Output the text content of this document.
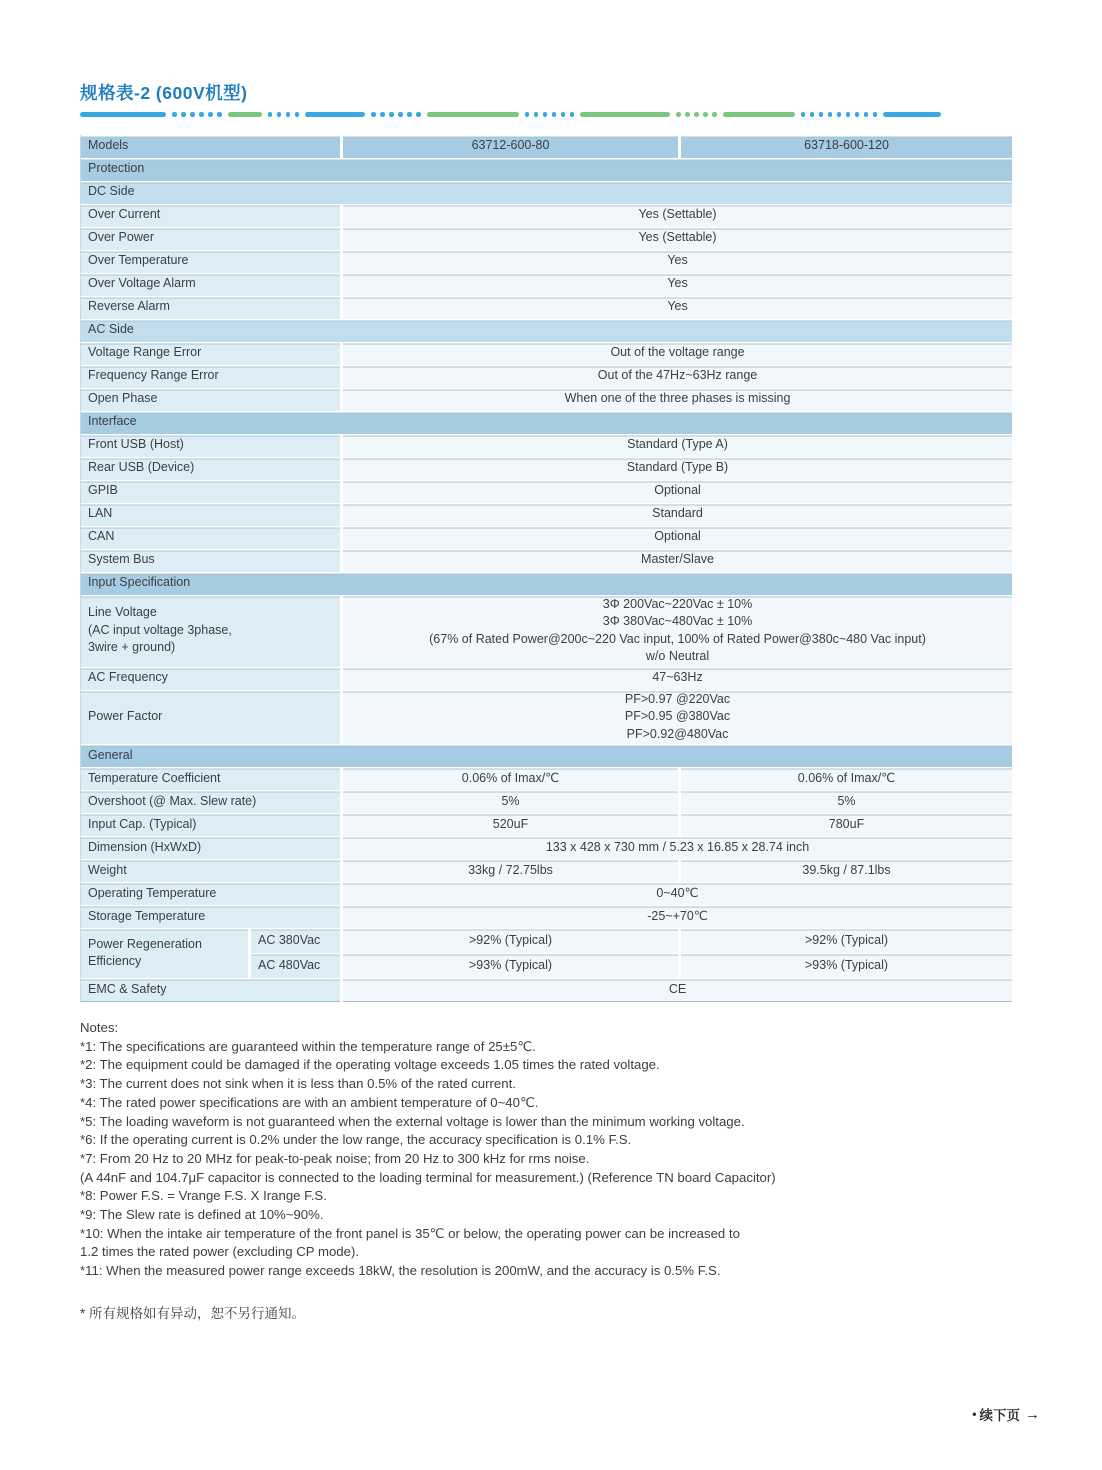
规格表-2 (600V机型)
Models		63712-600-80	63718-600-120
Protection			
DC Side			
Over Current		Yes (Settable)	
Over Power		Yes (Settable)	
Over Temperature		Yes	
Over Voltage Alarm		Yes	
Reverse Alarm		Yes	
AC Side			
Voltage Range Error		Out of the voltage range	
Frequency Range Error		Out of the 47Hz~63Hz range	
Open Phase		When one of the three phases is missing	
Interface			
Front USB (Host)		Standard (Type A)	
Rear USB (Device)		Standard (Type B)	
GPIB		Optional	
LAN		Standard	
CAN		Optional	
System Bus		Master/Slave	
Input Specification			
Line Voltage
(AC input voltage 3phase,
3wire + ground)		3Φ 200Vac~220Vac ± 10%
3Φ 380Vac~480Vac ± 10%
(67% of Rated Power@200c~220 Vac input, 100% of Rated Power@380c~480 Vac input)
w/o Neutral	
AC Frequency		47~63Hz	
Power Factor		PF>0.97 @220Vac
PF>0.95 @380Vac
PF>0.92@480Vac	
General			
Temperature Coefficient		0.06% of Imax/℃	0.06% of Imax/℃
Overshoot (@ Max. Slew rate)		5%	5%
Input Cap. (Typical)		520uF	780uF
Dimension (HxWxD)		133 x 428 x 730 mm / 5.23 x 16.85 x 28.74 inch	
Weight		33kg / 72.75lbs	39.5kg / 87.1lbs
Operating Temperature		0~40℃	
Storage Temperature		-25~+70℃	
Power Regeneration
Efficiency	AC 380Vac	>92% (Typical)	>92% (Typical)
	AC 480Vac	>93% (Typical)	>93% (Typical)
EMC & Safety		CE	
Notes:
*1: The specifications are guaranteed within the temperature range of 25±5℃.
*2: The equipment could be damaged if the operating voltage exceeds 1.05 times the rated voltage.
*3: The current does not sink when it is less than 0.5% of the rated current.
*4: The rated power specifications are with an ambient temperature of 0~40℃.
*5: The loading waveform is not guaranteed when the external voltage is lower than the minimum working voltage.
*6: If the operating current is 0.2% under the low range, the accuracy specification is 0.1% F.S.
*7: From 20 Hz to 20 MHz for peak-to-peak noise; from 20 Hz to 300 kHz for rms noise.
(A 44nF and 104.7μF capacitor is connected to the loading terminal for measurement.) (Reference TN board Capacitor)
*8: Power F.S. = Vrange F.S. X Irange F.S.
*9: The Slew rate is defined at 10%~90%.
*10: When the intake air temperature of the front panel is 35℃ or below, the operating power can be increased to
1.2 times the rated power (excluding CP mode).
*11: When the measured power range exceeds 18kW, the resolution is 200mW, and the accuracy is 0.5% F.S.
* 所有规格如有异动，恕不另行通知。
• 续下页 →
